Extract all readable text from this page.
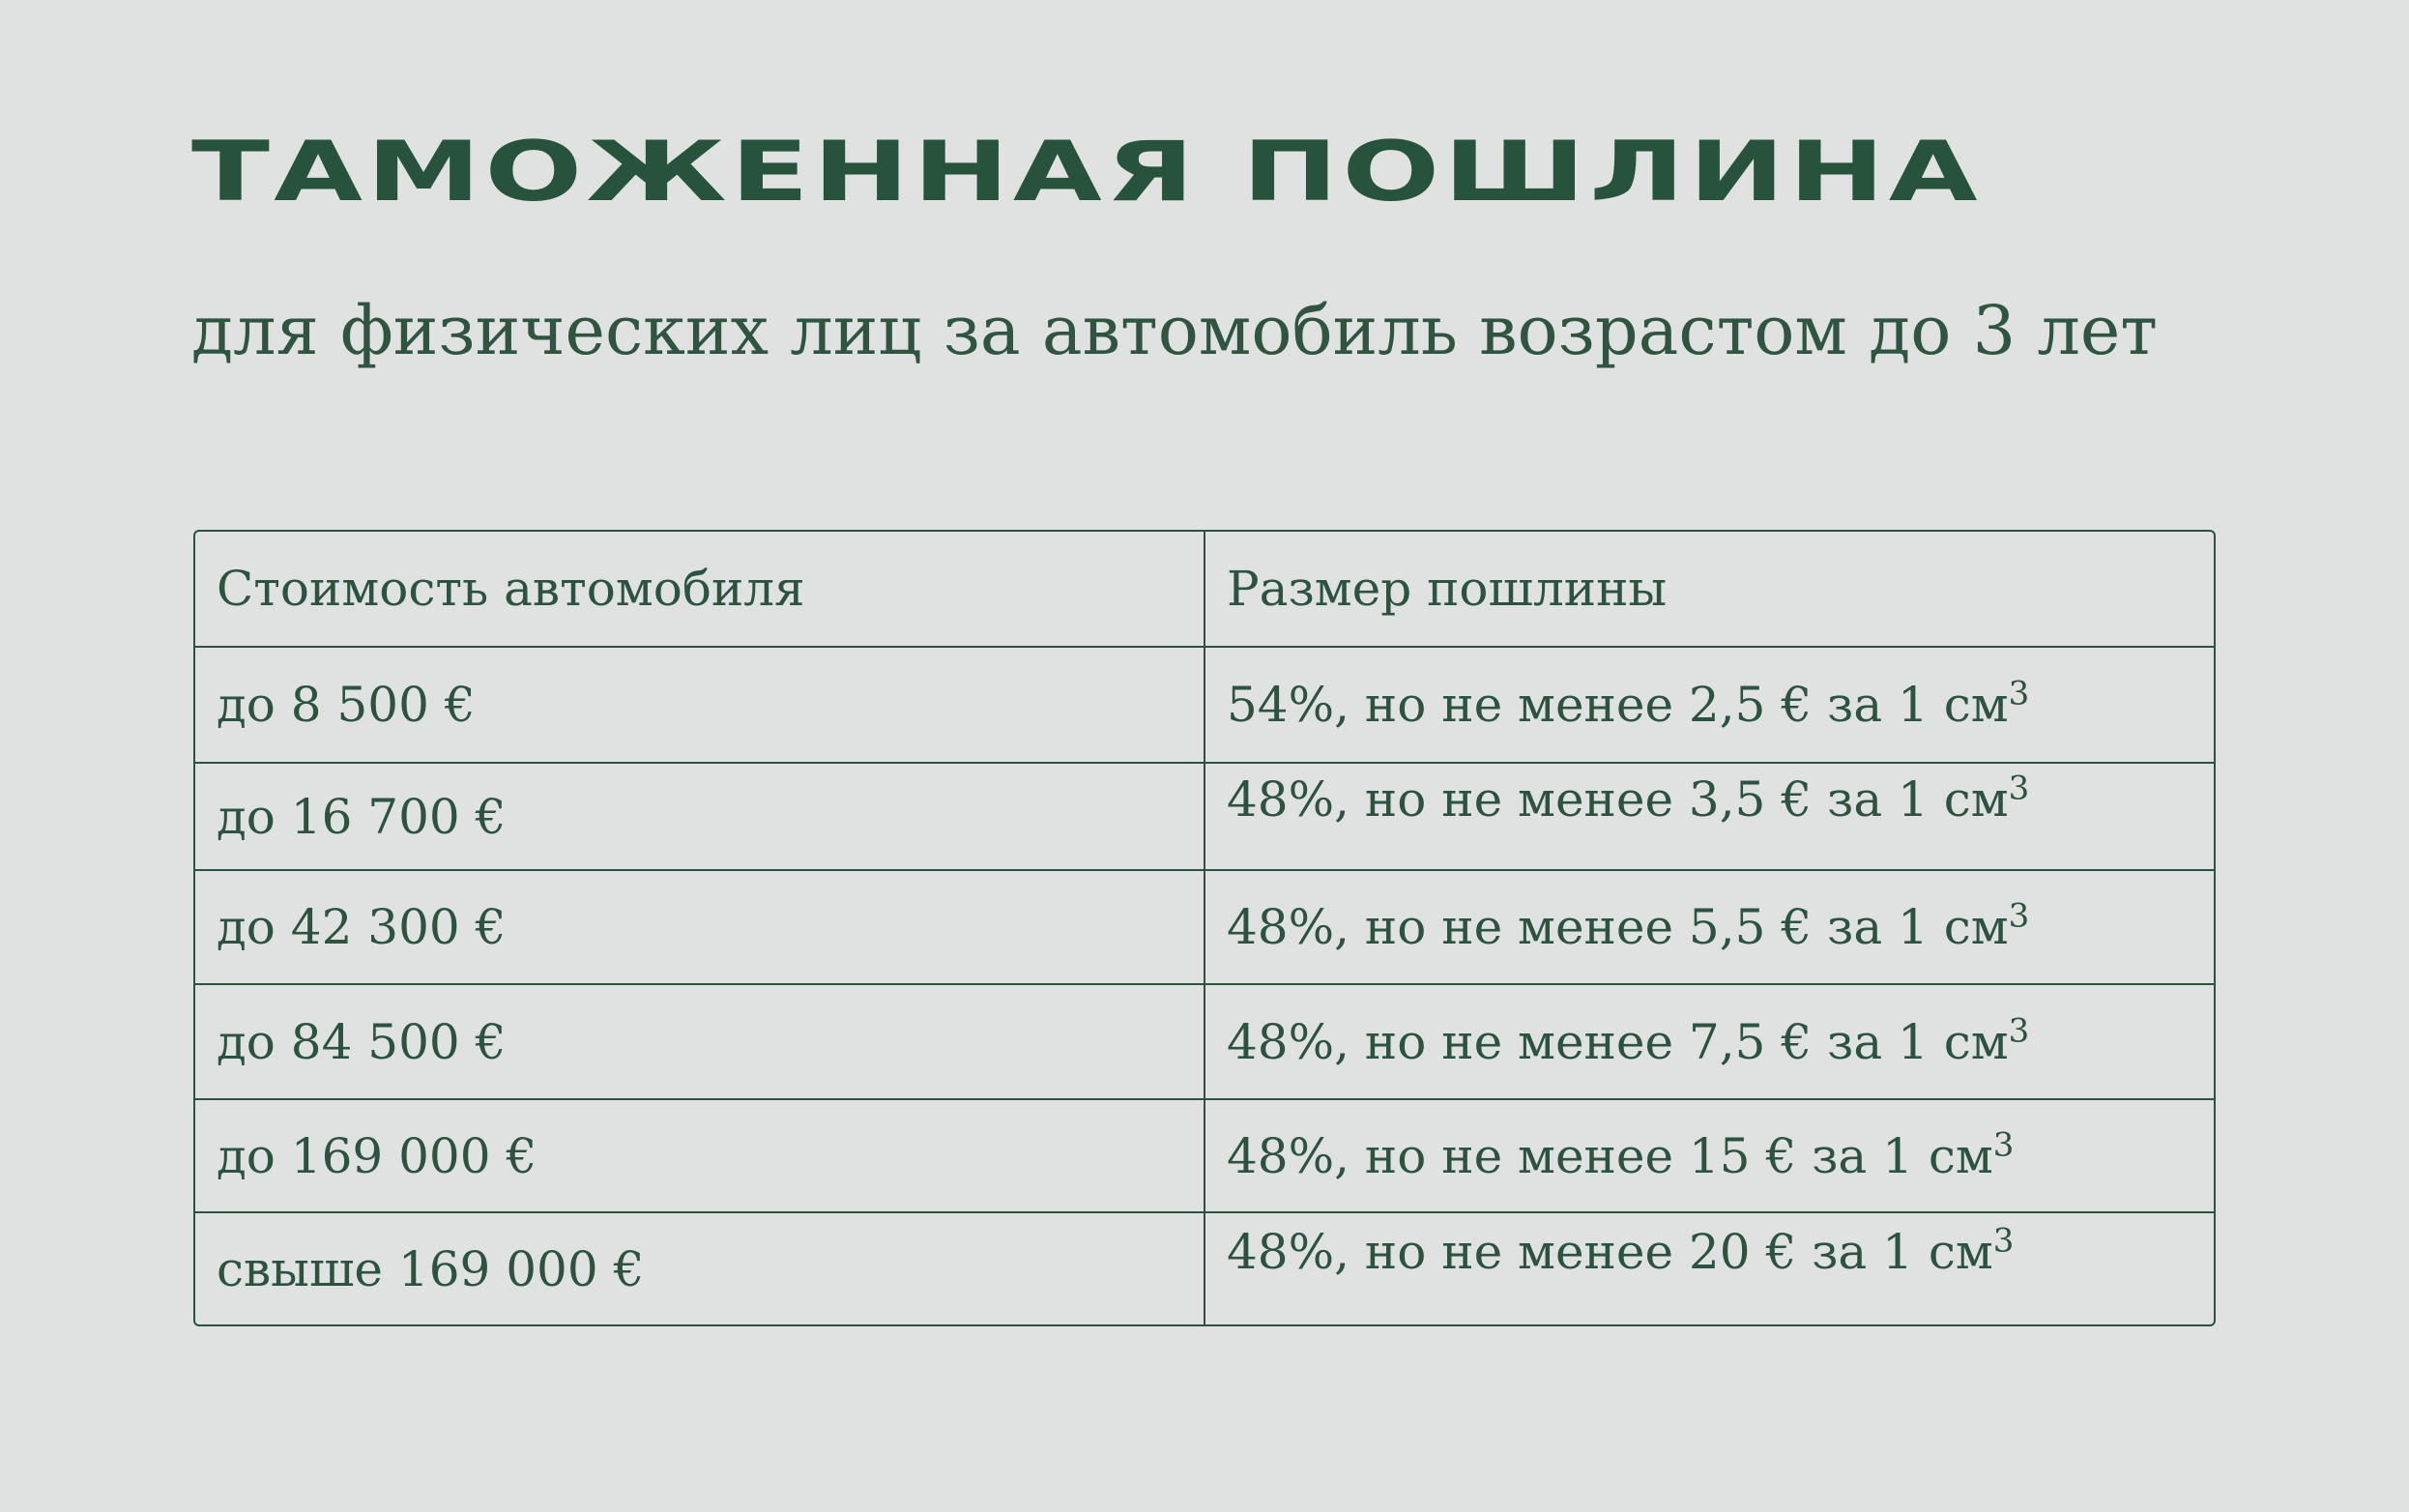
ТАМОЖЕННАЯ ПОШЛИНА

для физических лиц за автомобиль возрастом до 3 лет

Стоимость автомобиля	Размер пошлины
до 8 500 €	54%, но не менее 2,5 € за 1 $см^3$
до 16 700 €	48%, но не менее 3,5 € за 1 $см^3$
до 42 300 €	48%, но не менее 5,5 € за 1 $см^3$
до 84 500 €	48%, но не менее 7,5 € за 1 $см^3$
до 169 000 €	48%, но не менее 15 € за 1 $см^3$
свыше 169 000 €	48%, но не менее 20 € за 1 $см^3$
